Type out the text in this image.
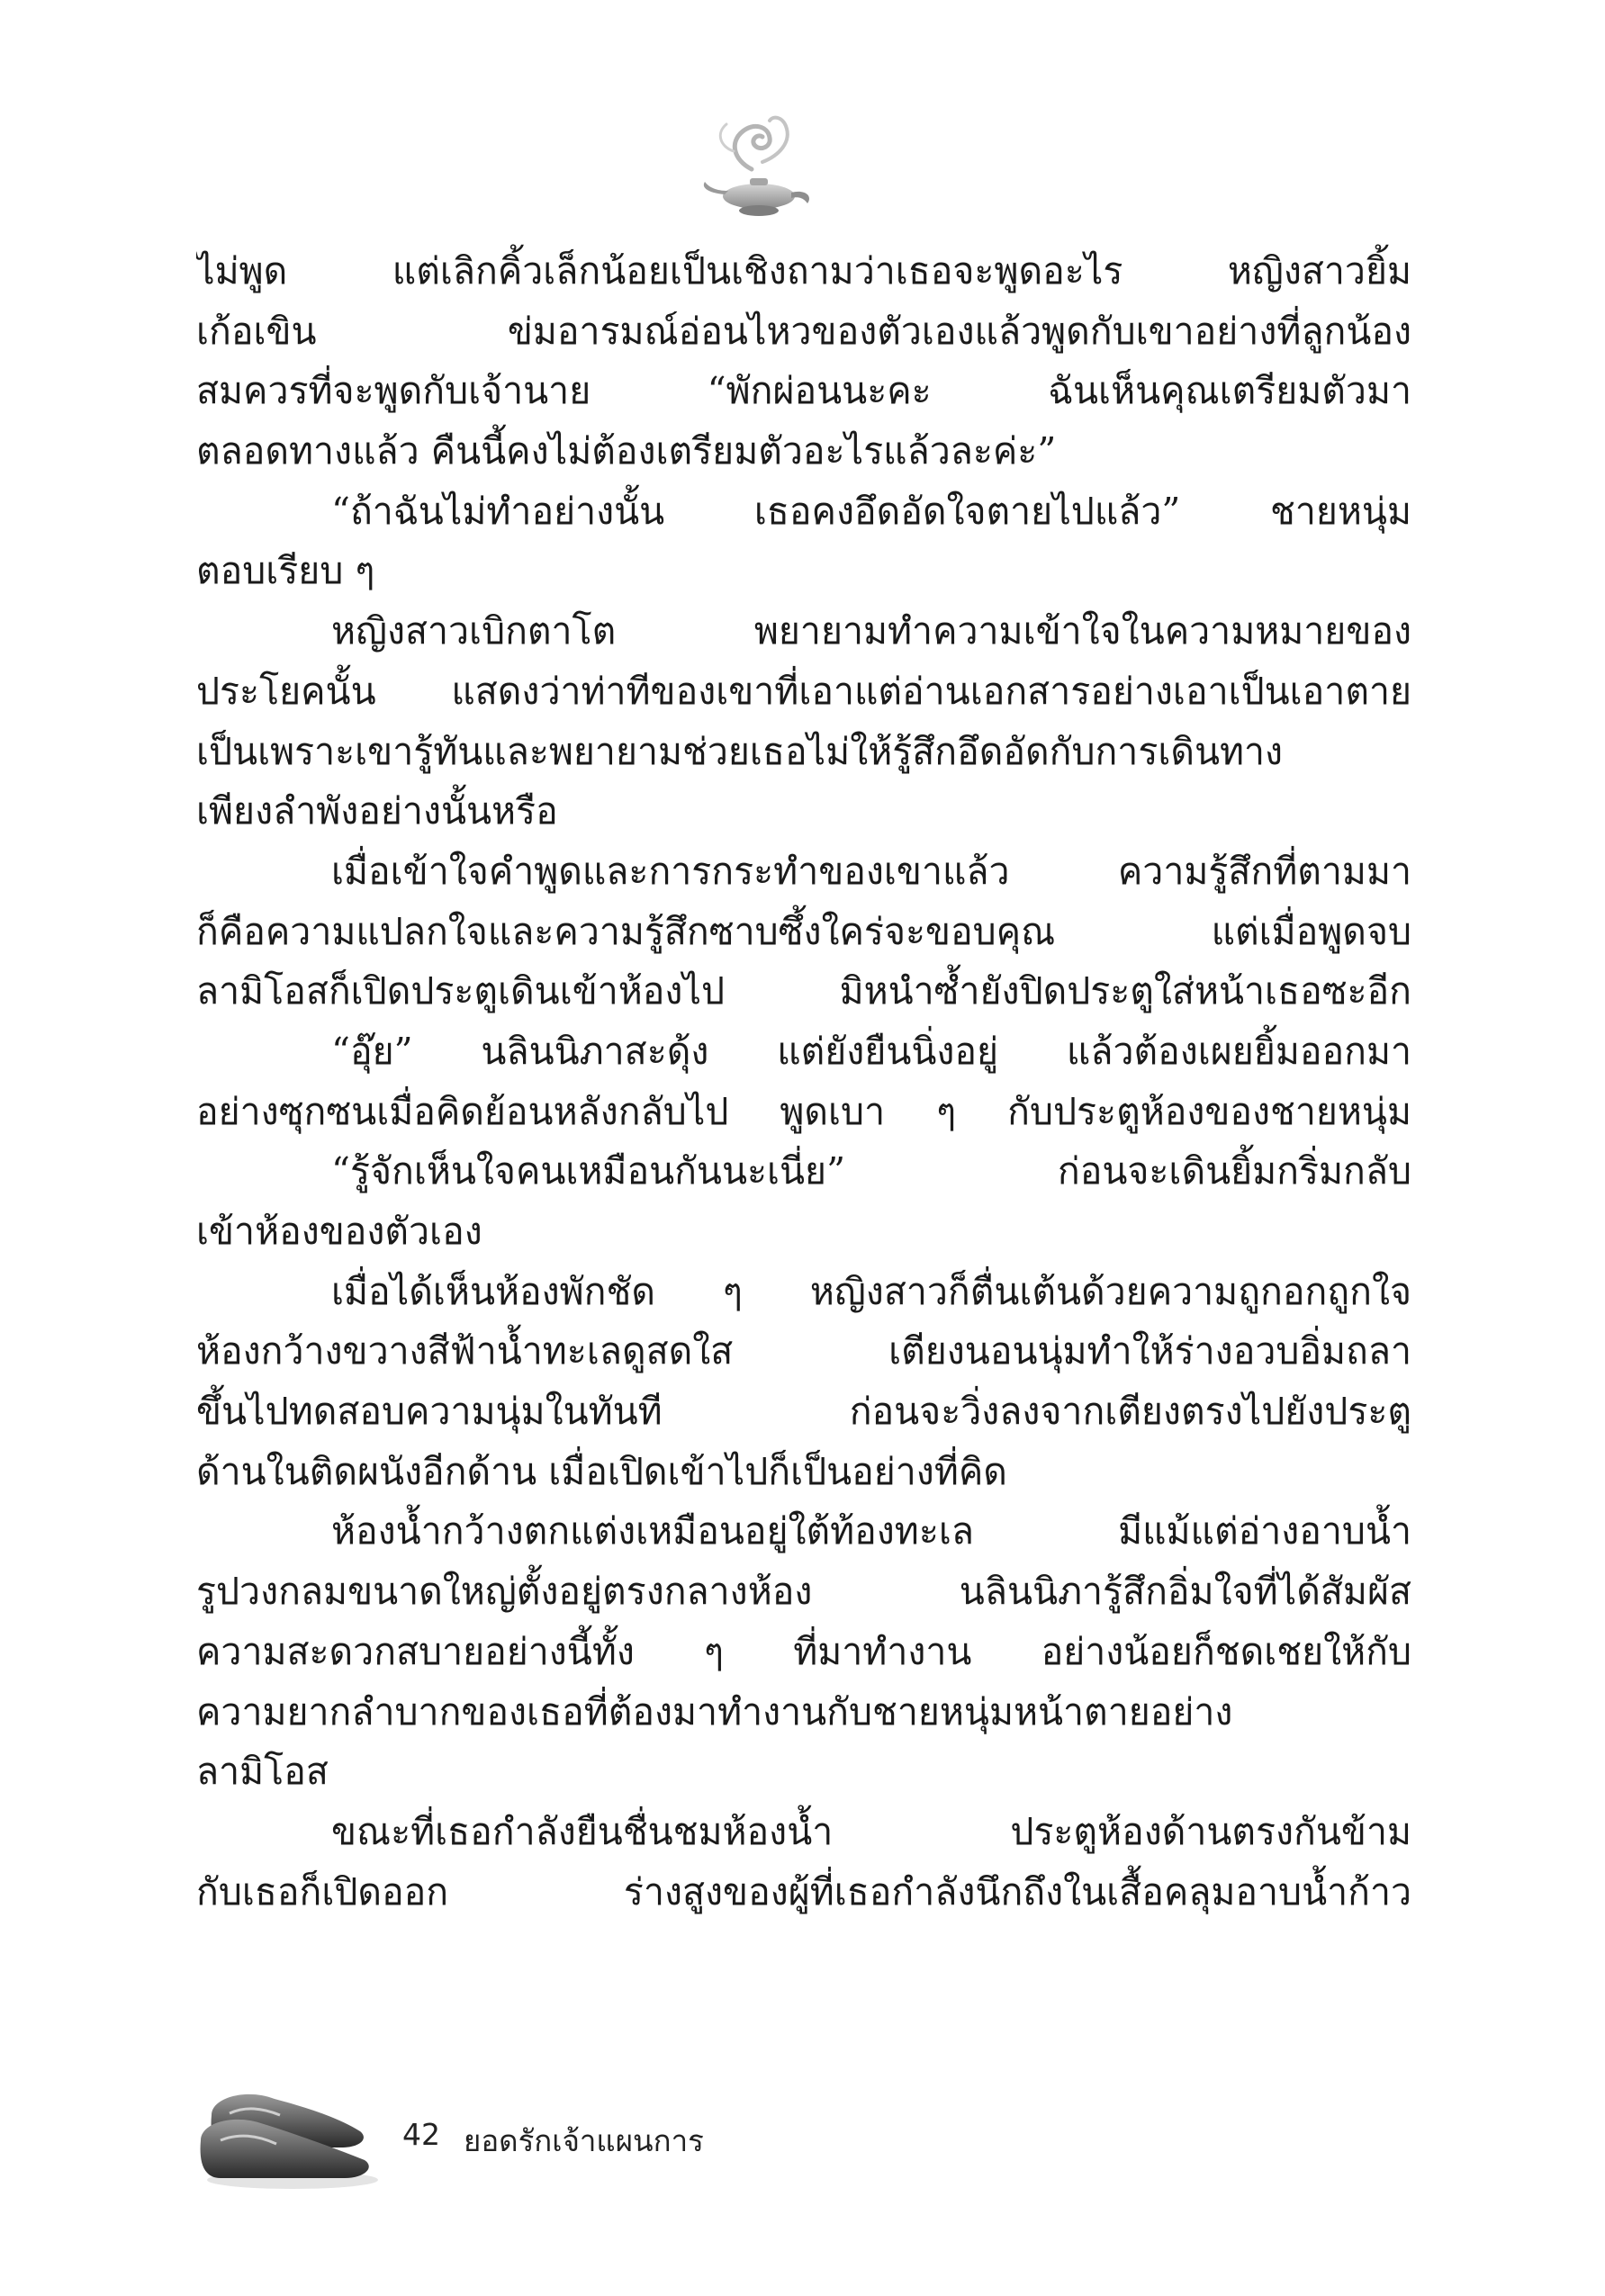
ไม่พูด แต่เลิกคิ้วเล็กน้อยเป็นเชิงถามว่าเธอจะพูดอะไร หญิงสาวยิ้ม
เก้อเขิน ข่มอารมณ์อ่อนไหวของตัวเองแล้วพูดกับเขาอย่างที่ลูกน้อง
สมควรที่จะพูดกับเจ้านาย “พักผ่อนนะคะ ฉันเห็นคุณเตรียมตัวมา
ตลอดทางแล้ว คืนนี้คงไม่ต้องเตรียมตัวอะไรแล้วละค่ะ”
“ถ้าฉันไม่ทำอย่างนั้น เธอคงอึดอัดใจตายไปแล้ว” ชายหนุ่ม
ตอบเรียบ ๆ
หญิงสาวเบิกตาโต พยายามทำความเข้าใจในความหมายของ
ประโยคนั้น แสดงว่าท่าทีของเขาที่เอาแต่อ่านเอกสารอย่างเอาเป็นเอาตาย
เป็นเพราะเขารู้ทันและพยายามช่วยเธอไม่ให้รู้สึกอึดอัดกับการเดินทาง
เพียงลำพังอย่างนั้นหรือ
เมื่อเข้าใจคำพูดและการกระทำของเขาแล้ว ความรู้สึกที่ตามมา
ก็คือความแปลกใจและความรู้สึกซาบซึ้งใคร่จะขอบคุณ แต่เมื่อพูดจบ
ลามิโอสก็เปิดประตูเดินเข้าห้องไป มิหนำซ้ำยังปิดประตูใส่หน้าเธอซะอีก
“อุ๊ย” นลินนิภาสะดุ้ง แต่ยังยืนนิ่งอยู่ แล้วต้องเผยยิ้มออกมา
อย่างซุกซนเมื่อคิดย้อนหลังกลับไป พูดเบา ๆ กับประตูห้องของชายหนุ่ม
“รู้จักเห็นใจคนเหมือนกันนะเนี่ย” ก่อนจะเดินยิ้มกริ่มกลับ
เข้าห้องของตัวเอง
เมื่อได้เห็นห้องพักชัด ๆ หญิงสาวก็ตื่นเต้นด้วยความถูกอกถูกใจ
ห้องกว้างขวางสีฟ้าน้ำทะเลดูสดใส เตียงนอนนุ่มทำให้ร่างอวบอิ่มถลา
ขึ้นไปทดสอบความนุ่มในทันที ก่อนจะวิ่งลงจากเตียงตรงไปยังประตู
ด้านในติดผนังอีกด้าน เมื่อเปิดเข้าไปก็เป็นอย่างที่คิด
ห้องน้ำกว้างตกแต่งเหมือนอยู่ใต้ท้องทะเล มีแม้แต่อ่างอาบน้ำ
รูปวงกลมขนาดใหญ่ตั้งอยู่ตรงกลางห้อง นลินนิภารู้สึกอิ่มใจที่ได้สัมผัส
ความสะดวกสบายอย่างนี้ทั้ง ๆ ที่มาทำงาน อย่างน้อยก็ชดเชยให้กับ
ความยากลำบากของเธอที่ต้องมาทำงานกับชายหนุ่มหน้าตายอย่าง
ลามิโอส
ขณะที่เธอกำลังยืนชื่นชมห้องน้ำ ประตูห้องด้านตรงกันข้าม
กับเธอก็เปิดออก ร่างสูงของผู้ที่เธอกำลังนึกถึงในเสื้อคลุมอาบน้ำก้าว
42 ยอดรักเจ้าแผนการ
